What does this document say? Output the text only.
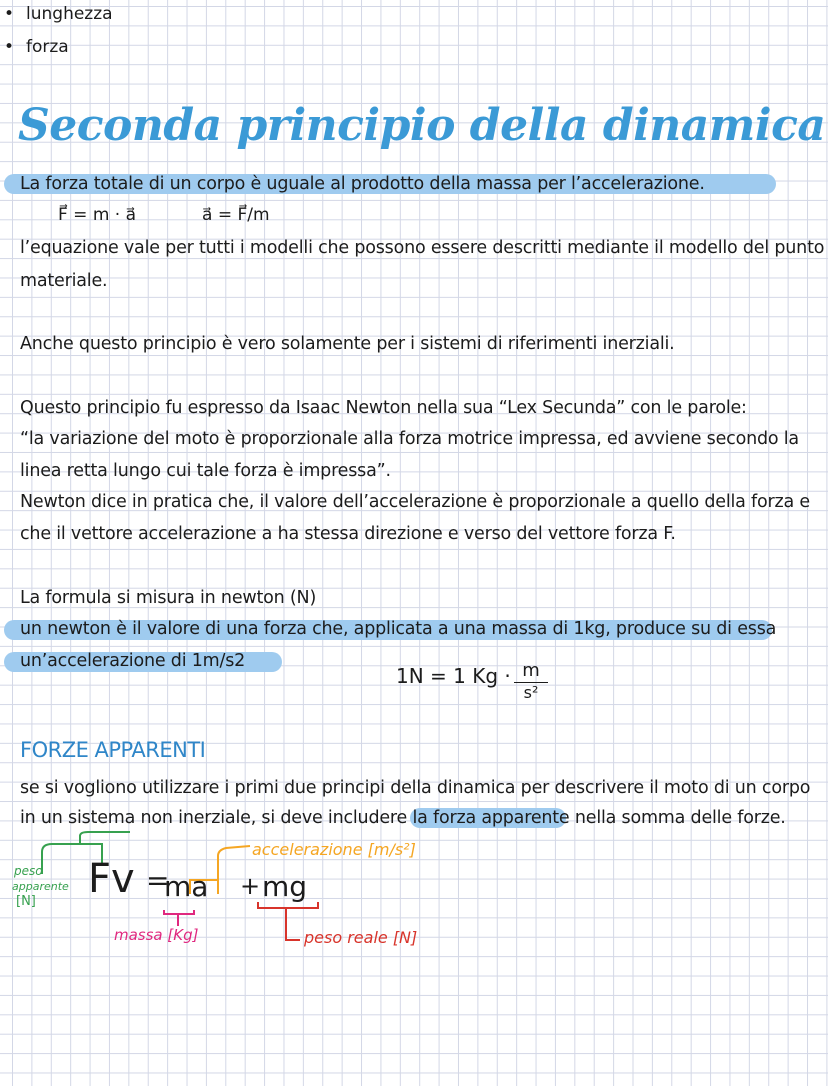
• lunghezza
• forza
Seconda principio della dinamica
La forza totale di un corpo è uguale al prodotto della massa per l’accelerazione.
F⃗ = m · a⃗	a⃗ = F⃗/m
l’equazione vale per tutti i modelli che possono essere descritti mediante il modello del punto
materiale.
Anche questo principio è vero solamente per i sistemi di riferimenti inerziali.
Questo principio fu espresso da Isaac Newton nella sua “Lex Secunda” con le parole:
“la variazione del moto è proporzionale alla forza motrice impressa, ed avviene secondo la
linea retta lungo cui tale forza è impressa”.
Newton dice in pratica che, il valore dell’accelerazione è proporzionale a quello della forza e
che il vettore accelerazione a ha stessa direzione e verso del vettore forza F.
La formula si misura in newton (N)
un newton è il valore di una forza che, applicata a una massa di 1kg, produce su di essa
un’accelerazione di 1m/s2
1N = 1 $Kg \cdot \frac{m}{\text{s²}}$
FORZE APPARENTI
se si vogliono utilizzare i primi due principi della dinamica per descrivere il moto di un corpo
in un sistema non inerziale, si deve includere la forza apparente nella somma delle forze.
peso
apparente
[N] Fv =
ma + mg
accelerazione [m/s²]
massa [Kg]	peso reale [N]
